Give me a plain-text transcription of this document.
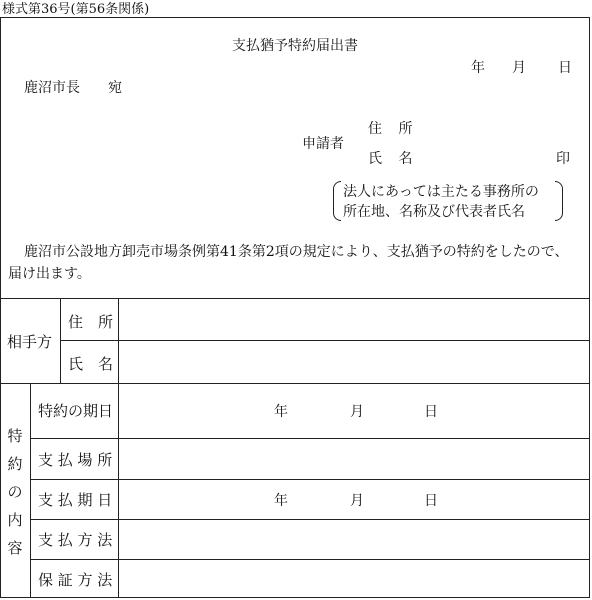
様式第36号(第56条関係)
支払猶予特約届出書
年 月 日
鹿沼市長 宛
住 所
申請者
氏 名	印
法人にあっては主たる事務所の
所在地、名称及び代表者氏名
鹿沼市公設地方卸売市場条例第41条第2項の規定により、支払猶予の特約をしたので、
届け出ます。
相手方
住　所
氏　名
特
約
の
内
容
特約の期日	年	月	日
支 払 場 所
支 払 期 日	年	月	日
支 払 方 法
保 証 方 法
